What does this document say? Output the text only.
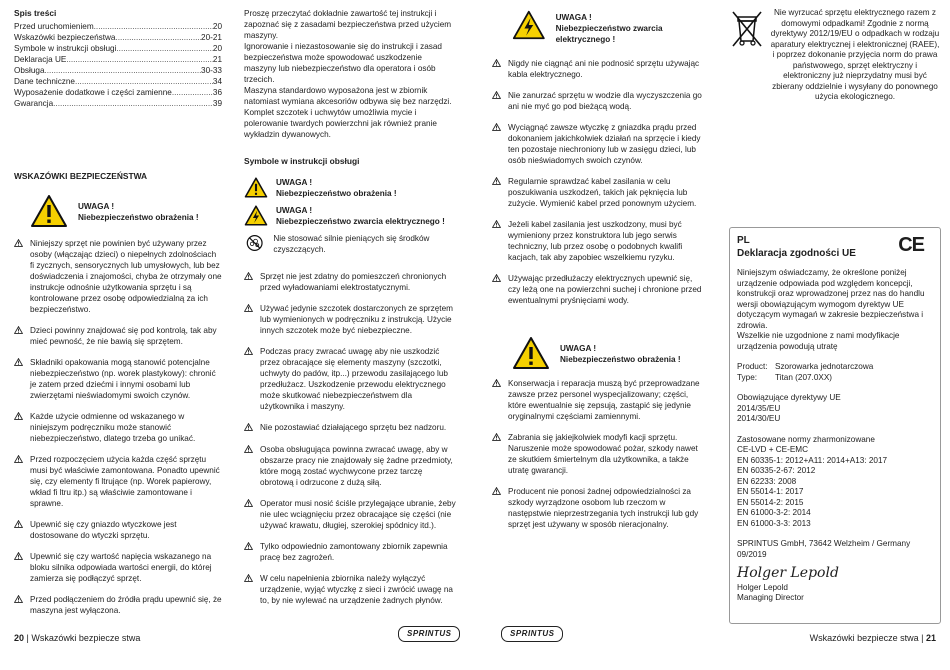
Spis treści
Przed uruchomieniem .....	20
Wskazówki bezpieczeństwa .....	20-21
Symbole w instrukcji obsługi .....	20
Deklaracja UE .....	21
Obsługa .....	30-33
Dane techniczne .....	34
Wyposażenie dodatkowe i części zamienne .....	36
Gwarancja .....	39
WSKAZÓWKI BEZPIECZEŃSTWA
UWAGA !
Niebezpieczeństwo obrażenia !
Niniejszy sprzęt nie powinien być używany przez osoby (włączając dzieci) o niepełnych zdolnościach fi zycznych, sensorycznych lub umysłowych, lub bez doświadczenia i znajomości, chyba że otrzymały one instrukcje odnośnie użytkowania sprzętu i są kontrolowane przez osobę odpowiedzialną za ich bezpieczeństwo.
Dzieci powinny znajdować się pod kontrolą, tak aby mieć pewność, że nie bawią się sprzętem.
Składniki opakowania mogą stanowić potencjalne niebezpieczeństwo (np. worek plastykowy): chronić je zatem przed dziećmi i innymi osobami lub zwierzętami nieświadomymi swoich czynów.
Każde użycie odmienne od wskazanego w niniejszym podręczniku może stanowić niebezpieczeństwo, dlatego trzeba go unikać.
Przed rozpoczęciem użycia każda część sprzętu musi być właściwie zamontowana. Ponadto upewnić się, czy elementy fi ltrujące (np. Worek papierowy, wkład fi ltru itp.) są właściwie zamontowane i sprawne.
Upewnić się czy gniazdo wtyczkowe jest dostosowane do wtyczki sprzętu.
Upewnić się czy wartość napięcia wskazanego na bloku silnika odpowiada wartości energii, do której zamierza się podłączyć sprzęt.
Przed podłączeniem do źródła prądu upewnić się, że maszyna jest wyłączona.

Proszę przeczytać dokładnie zawartość tej instrukcji i zapoznać się z zasadami bezpieczeństwa przed użyciem maszyny.
Ignorowanie i niezastosowanie się do instrukcji i zasad bezpieczeństwa może spowodować uszkodzenie maszyny lub niebezpieczeństwo dla operatora i osób trzecich.
Maszyna standardowo wyposażona jest w zbiornik natomiast wymiana akcesoriów odbywa się bez narzędzi.
Komplet szczotek i uchwytów umożliwia mycie i polerowanie twardych powierzchni jak również pranie wykładzin dywanowych.

Symbole w instrukcji obsługi
UWAGA !
Niebezpieczeństwo obrażenia !
UWAGA !
Niebezpieczeństwo zwarcia elektrycznego !
Nie stosować silnie pieniących się środków czyszczących.
Sprzęt nie jest zdatny do pomieszczeń chronionych przed wyładowaniami elektrostatycznymi.
Używać jedynie szczotek dostarczonych ze sprzętem lub wymienionych w podręczniku z instrukcją. Użycie innych szczotek może być niebezpieczne.
Podczas pracy zwracać uwagę aby nie uszkodzić przez obracające się elementy maszyny (szczotki, uchwyty do padów, itp...) przewodu zasilającego lub przedłużacz. Uszkodzenie przewodu elektrycznego może skutkować niebezpieczeństwem dla użytkownika i maszyny.
Nie pozostawiać działającego sprzętu bez nadzoru.
Osoba obsługująca powinna zwracać uwagę, aby w obszarze pracy nie znajdowały się żadne przedmioty, które mogą zostać wychwycone przez tarczę obrotową i odrzucone z dużą siłą.
Operator musi nosić ściśle przylegające ubranie, żeby nie ulec wciągnięciu przez obracające się części (nie używać krawatu, długiej, szerokiej spódnicy itd.).
Tylko odpowiednio zamontowany zbiornik zapewnia pracę bez zagrożeń.
W celu napełnienia zbiornika należy wyłączyć urządzenie, wyjąć wtyczkę z sieci i zwrócić uwagę na to, by nie wylewać na urządzenie żadnych płynów.
UWAGA !
Niebezpieczeństwo zwarcia elektrycznego !
Nigdy nie ciągnąć ani nie podnosić sprzętu używając kabla elektrycznego.
Nie zanurzać sprzętu w wodzie dla wyczyszczenia go ani nie myć go pod bieżącą wodą.
Wyciągnąć zawsze wtyczkę z gniazdka prądu przed dokonaniem jakichkolwiek działań na sprzęcie i kiedy ten pozostaje niechroniony lub w zasięgu dzieci, lub osób nieświadomych swoich czynów.
Regularnie sprawdzać kabel zasilania w celu poszukiwania uszkodzeń, takich jak pęknięcia lub zużycie. Wymienić kabel przed ponownym użyciem.
Jeżeli kabel zasilania jest uszkodzony, musi być wymieniony przez konstruktora lub jego serwis techniczny, lub przez osobę o podobnych kwalifi kacjach, tak aby zapobiec wszelkiemu ryzyku.
Używając przedłużaczy elektrycznych upewnić się, czy leżą one na powierzchni suchej i chronione przed ewentualnymi pryśnięciami wody.
UWAGA !
Niebezpieczeństwo obrażenia !
Konserwacja i reparacja muszą być przeprowadzane zawsze przez personel wyspecjalizowany; części, które ewentualnie się zepsują, zastąpić się jedynie oryginalnymi częściami zamiennymi.
Zabrania się jakiejkolwiek modyfi kacji sprzętu. Naruszenie może spowodować pożar, szkody nawet ze skutkiem śmiertelnym dla użytkownika, a także utratę gwarancji.
Producent nie ponosi żadnej odpowiedzialności za szkody wyrządzone osobom lub rzeczom w następstwie nieprzestrzegania tych instrukcji lub gdy sprzęt jest używany w sposób nieracjonalny.
Nie wyrzucać sprzętu elektrycznego razem z domowymi odpadkami! Zgodnie z normą dyrektywy 2012/19/EU o odpadkach w rodzaju aparatury elektrycznej i elektronicznej (RAEE), i poprzez dokonanie przyjęcia norm do prawa państwowego, sprzęt elektryczny i elektroniczny już nieprzydatny musi być zbierany oddzielnie i wysyłany do ponownego użycia ekologicznego.
CE
PL
Deklaracja zgodności UE

Niniejszym oświadczamy, że określone poniżej urządzenie odpowiada pod względem koncepcji, konstrukcji oraz wprowadzonej przez nas do handlu wersji obowiązującym wymogom dyrektyw UE dotyczącym wymagań w zakresie bezpieczeństwa i zdrowia.
Wszelkie nie uzgodnione z nami modyfikacje urządzenia powodują utratę

Product: Szorowarka jednotarczowa
Type:	Titan (207.0XX)
Obowiązujące dyrektywy UE
2014/35/EU
2014/30/EU
Zastosowane normy zharmonizowane
CE-LVD + CE-EMC
EN 60335-1: 2012+A11: 2014+A13: 2017
EN 60335-2-67: 2012
EN 62233: 2008
EN 55014-1: 2017
EN 55014-2: 2015
EN 61000-3-2: 2014
EN 61000-3-3: 2013
SPRINTUS GmbH, 73642 Welzheim / Germany
09/2019
Holger Lepold
Holger Lepold
Managing Director
20 | Wskazówki bezpiecze stwa	SPRINTUS	SPRINTUS	Wskazówki bezpiecze stwa | 21
